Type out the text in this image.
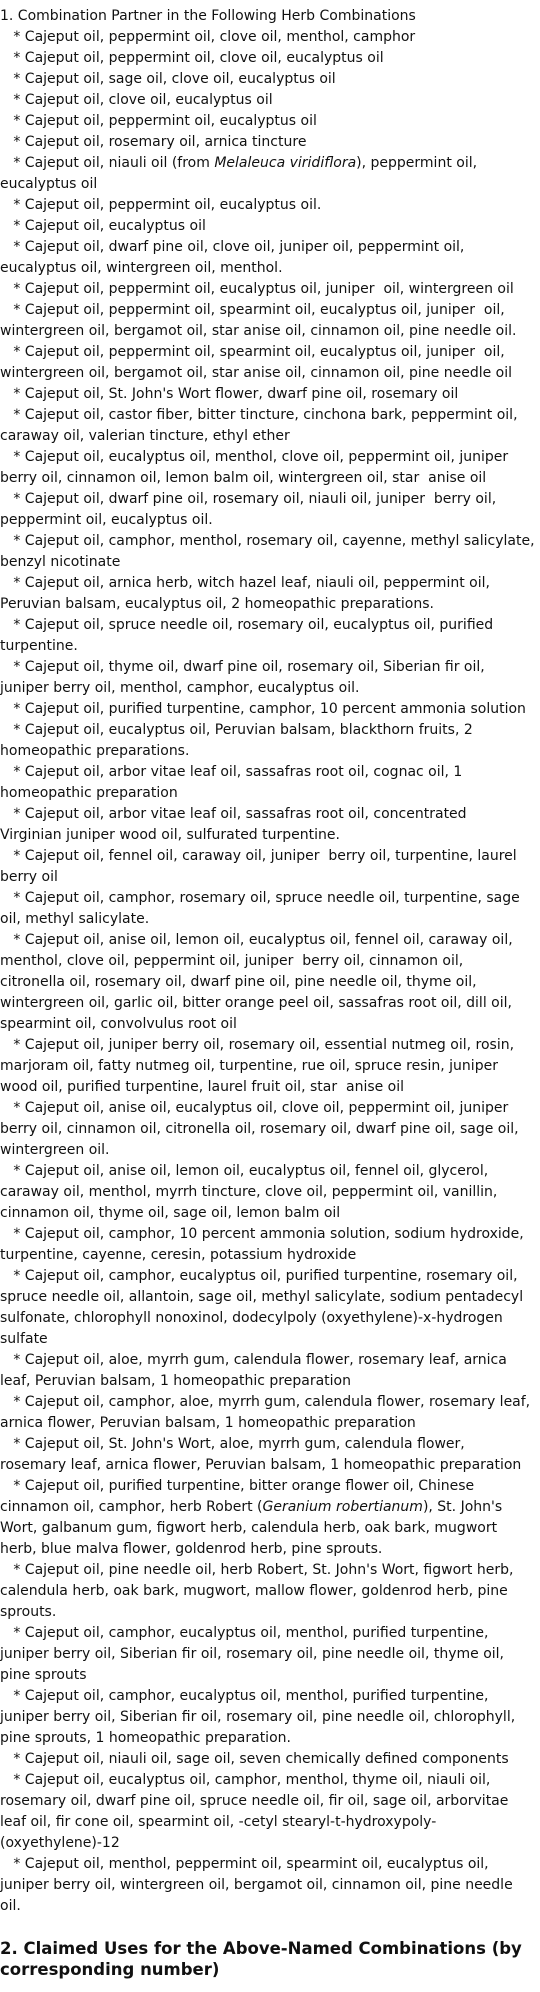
1. Combination Partner in the Following Herb Combinations
* Cajeput oil, peppermint oil, clove oil, menthol, camphor
* Cajeput oil, peppermint oil, clove oil, eucalyptus oil
* Cajeput oil, sage oil, clove oil, eucalyptus oil
* Cajeput oil, clove oil, eucalyptus oil
* Cajeput oil, peppermint oil, eucalyptus oil
* Cajeput oil, rosemary oil, arnica tincture
* Cajeput oil, niauli oil (from Melaleuca viridiflora), peppermint oil,
eucalyptus oil
* Cajeput oil, peppermint oil, eucalyptus oil.
* Cajeput oil, eucalyptus oil
* Cajeput oil, dwarf pine oil, clove oil, juniper oil, peppermint oil,
eucalyptus oil, wintergreen oil, menthol.
* Cajeput oil, peppermint oil, eucalyptus oil, juniper  oil, wintergreen oil
* Cajeput oil, peppermint oil, spearmint oil, eucalyptus oil, juniper  oil,
wintergreen oil, bergamot oil, star anise oil, cinnamon oil, pine needle oil.
* Cajeput oil, peppermint oil, spearmint oil, eucalyptus oil, juniper  oil,
wintergreen oil, bergamot oil, star anise oil, cinnamon oil, pine needle oil
* Cajeput oil, St. John's Wort flower, dwarf pine oil, rosemary oil
* Cajeput oil, castor fiber, bitter tincture, cinchona bark, peppermint oil,
caraway oil, valerian tincture, ethyl ether
* Cajeput oil, eucalyptus oil, menthol, clove oil, peppermint oil, juniper
berry oil, cinnamon oil, lemon balm oil, wintergreen oil, star  anise oil
* Cajeput oil, dwarf pine oil, rosemary oil, niauli oil, juniper  berry oil,
peppermint oil, eucalyptus oil.
* Cajeput oil, camphor, menthol, rosemary oil, cayenne, methyl salicylate,
benzyl nicotinate
* Cajeput oil, arnica herb, witch hazel leaf, niauli oil, peppermint oil,
Peruvian balsam, eucalyptus oil, 2 homeopathic preparations.
* Cajeput oil, spruce needle oil, rosemary oil, eucalyptus oil, purified
turpentine.
* Cajeput oil, thyme oil, dwarf pine oil, rosemary oil, Siberian fir oil,
juniper berry oil, menthol, camphor, eucalyptus oil.
* Cajeput oil, purified turpentine, camphor, 10 percent ammonia solution
* Cajeput oil, eucalyptus oil, Peruvian balsam, blackthorn fruits, 2
homeopathic preparations.
* Cajeput oil, arbor vitae leaf oil, sassafras root oil, cognac oil, 1
homeopathic preparation
* Cajeput oil, arbor vitae leaf oil, sassafras root oil, concentrated
Virginian juniper wood oil, sulfurated turpentine.
* Cajeput oil, fennel oil, caraway oil, juniper  berry oil, turpentine, laurel
berry oil
* Cajeput oil, camphor, rosemary oil, spruce needle oil, turpentine, sage
oil, methyl salicylate.
* Cajeput oil, anise oil, lemon oil, eucalyptus oil, fennel oil, caraway oil,
menthol, clove oil, peppermint oil, juniper  berry oil, cinnamon oil,
citronella oil, rosemary oil, dwarf pine oil, pine needle oil, thyme oil,
wintergreen oil, garlic oil, bitter orange peel oil, sassafras root oil, dill oil,
spearmint oil, convolvulus root oil
* Cajeput oil, juniper berry oil, rosemary oil, essential nutmeg oil, rosin,
marjoram oil, fatty nutmeg oil, turpentine, rue oil, spruce resin, juniper
wood oil, purified turpentine, laurel fruit oil, star  anise oil
* Cajeput oil, anise oil, eucalyptus oil, clove oil, peppermint oil, juniper
berry oil, cinnamon oil, citronella oil, rosemary oil, dwarf pine oil, sage oil,
wintergreen oil.
* Cajeput oil, anise oil, lemon oil, eucalyptus oil, fennel oil, glycerol,
caraway oil, menthol, myrrh tincture, clove oil, peppermint oil, vanillin,
cinnamon oil, thyme oil, sage oil, lemon balm oil
* Cajeput oil, camphor, 10 percent ammonia solution, sodium hydroxide,
turpentine, cayenne, ceresin, potassium hydroxide
* Cajeput oil, camphor, eucalyptus oil, purified turpentine, rosemary oil,
spruce needle oil, allantoin, sage oil, methyl salicylate, sodium pentadecyl
sulfonate, chlorophyll nonoxinol, dodecylpoly (oxyethylene)-x-hydrogen
sulfate
* Cajeput oil, aloe, myrrh gum, calendula flower, rosemary leaf, arnica
leaf, Peruvian balsam, 1 homeopathic preparation
* Cajeput oil, camphor, aloe, myrrh gum, calendula flower, rosemary leaf,
arnica flower, Peruvian balsam, 1 homeopathic preparation
* Cajeput oil, St. John's Wort, aloe, myrrh gum, calendula flower,
rosemary leaf, arnica flower, Peruvian balsam, 1 homeopathic preparation
* Cajeput oil, purified turpentine, bitter orange flower oil, Chinese
cinnamon oil, camphor, herb Robert (Geranium robertianum), St. John's
Wort, galbanum gum, figwort herb, calendula herb, oak bark, mugwort
herb, blue malva flower, goldenrod herb, pine sprouts.
* Cajeput oil, pine needle oil, herb Robert, St. John's Wort, figwort herb,
calendula herb, oak bark, mugwort, mallow flower, goldenrod herb, pine
sprouts.
* Cajeput oil, camphor, eucalyptus oil, menthol, purified turpentine,
juniper berry oil, Siberian fir oil, rosemary oil, pine needle oil, thyme oil,
pine sprouts
* Cajeput oil, camphor, eucalyptus oil, menthol, purified turpentine,
juniper berry oil, Siberian fir oil, rosemary oil, pine needle oil, chlorophyll,
pine sprouts, 1 homeopathic preparation.
* Cajeput oil, niauli oil, sage oil, seven chemically defined components
* Cajeput oil, eucalyptus oil, camphor, menthol, thyme oil, niauli oil,
rosemary oil, dwarf pine oil, spruce needle oil, fir oil, sage oil, arborvitae
leaf oil, fir cone oil, spearmint oil, -cetyl stearyl-t-hydroxypoly-
(oxyethylene)-12
* Cajeput oil, menthol, peppermint oil, spearmint oil, eucalyptus oil,
juniper berry oil, wintergreen oil, bergamot oil, cinnamon oil, pine needle
oil.
2. Claimed Uses for the Above-Named Combinations (by
corresponding number)
